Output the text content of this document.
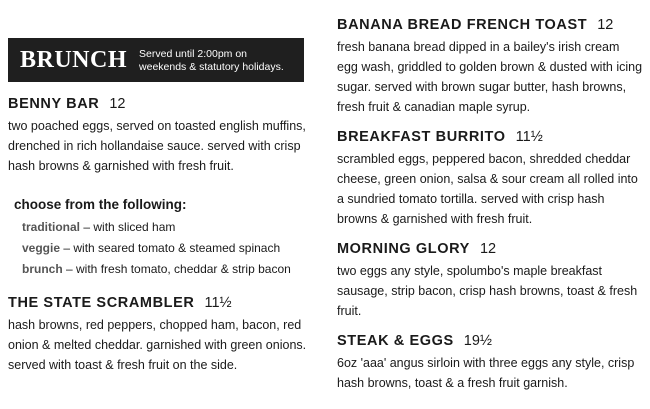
BRUNCH Served until 2:00pm on
weekends & statutory holidays.
BENNY BAR 12
two poached eggs, served on toasted english muffins, drenched in rich hollandaise sauce. served with crisp hash browns & garnished with fresh fruit.
choose from the following:
traditional – with sliced ham
veggie – with seared tomato & steamed spinach
brunch – with fresh tomato, cheddar & strip bacon
THE STATE SCRAMBLER 11½
hash browns, red peppers, chopped ham, bacon, red onion & melted cheddar. garnished with green onions. served with toast & fresh fruit on the side.
BANANA BREAD FRENCH TOAST 12
fresh banana bread dipped in a bailey's irish cream egg wash, griddled to golden brown & dusted with icing sugar. served with brown sugar butter, hash browns, fresh fruit & canadian maple syrup.
BREAKFAST BURRITO 11½
scrambled eggs, peppered bacon, shredded cheddar cheese, green onion, salsa & sour cream all rolled into a sundried tomato tortilla. served with crisp hash browns & garnished with fresh fruit.
MORNING GLORY 12
two eggs any style, spolumbo's maple breakfast sausage, strip bacon, crisp hash browns, toast & fresh fruit.
STEAK & EGGS 19½
6oz 'aaa' angus sirloin with three eggs any style, crisp hash browns, toast & a fresh fruit garnish.
